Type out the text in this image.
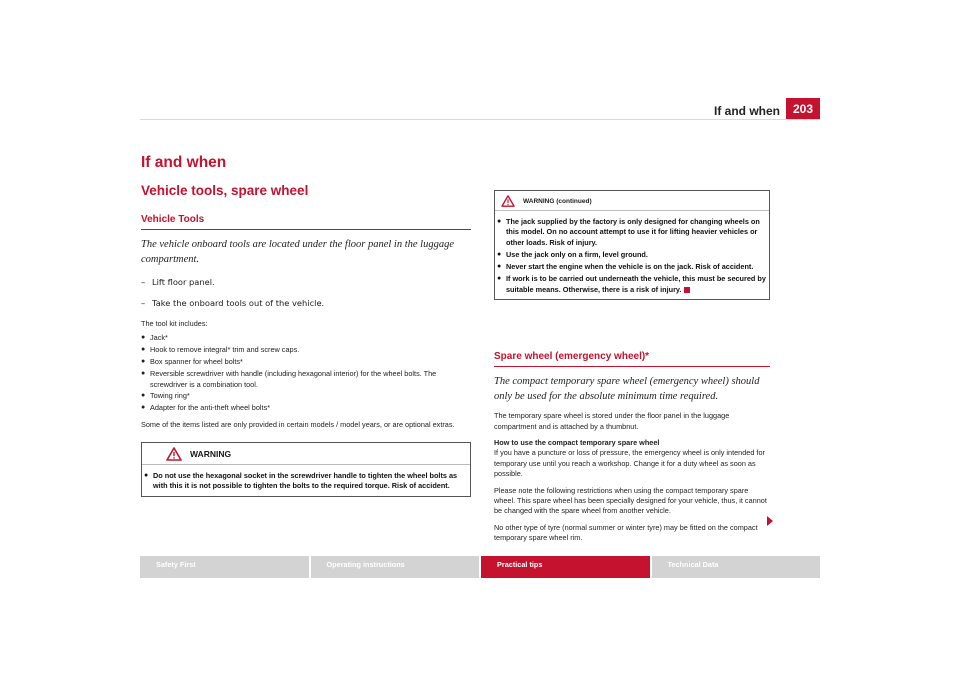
If and when	203
If and when
Vehicle tools, spare wheel
Vehicle Tools
The vehicle onboard tools are located under the floor panel in the luggage compartment.
– Lift floor panel.
– Take the onboard tools out of the vehicle.
The tool kit includes:
● Jack*
● Hook to remove integral* trim and screw caps.
● Box spanner for wheel bolts*
● Reversible screwdriver with handle (including hexagonal interior) for the wheel bolts. The screwdriver is a combination tool.
● Towing ring*
● Adapter for the anti-theft wheel bolts*

Some of the items listed are only provided in certain models / model years, or are optional extras.

WARNING
● Do not use the hexagonal socket in the screwdriver handle to tighten the wheel bolts as with this it is not possible to tighten the bolts to the required torque. Risk of accident.
WARNING (continued)
● The jack supplied by the factory is only designed for changing wheels on this model. On no account attempt to use it for lifting heavier vehicles or other loads. Risk of injury.
● Use the jack only on a firm, level ground.
● Never start the engine when the vehicle is on the jack. Risk of accident.
● If work is to be carried out underneath the vehicle, this must be secured by suitable means. Otherwise, there is a risk of injury.
Spare wheel (emergency wheel)*
The compact temporary spare wheel (emergency wheel) should only be used for the absolute minimum time required.
The temporary spare wheel is stored under the floor panel in the luggage compartment and is attached by a thumbnut.

How to use the compact temporary spare wheel

If you have a puncture or loss of pressure, the emergency wheel is only intended for temporary use until you reach a workshop. Change it for a duty wheel as soon as possible.

Please note the following restrictions when using the compact temporary spare wheel. This spare wheel has been specially designed for your vehicle, thus, it cannot be changed with the spare wheel from another vehicle.

No other type of tyre (normal summer or winter tyre) may be fitted on the compact temporary spare wheel rim.

Safety First	Operating instructions	Practical tips	Technical Data
